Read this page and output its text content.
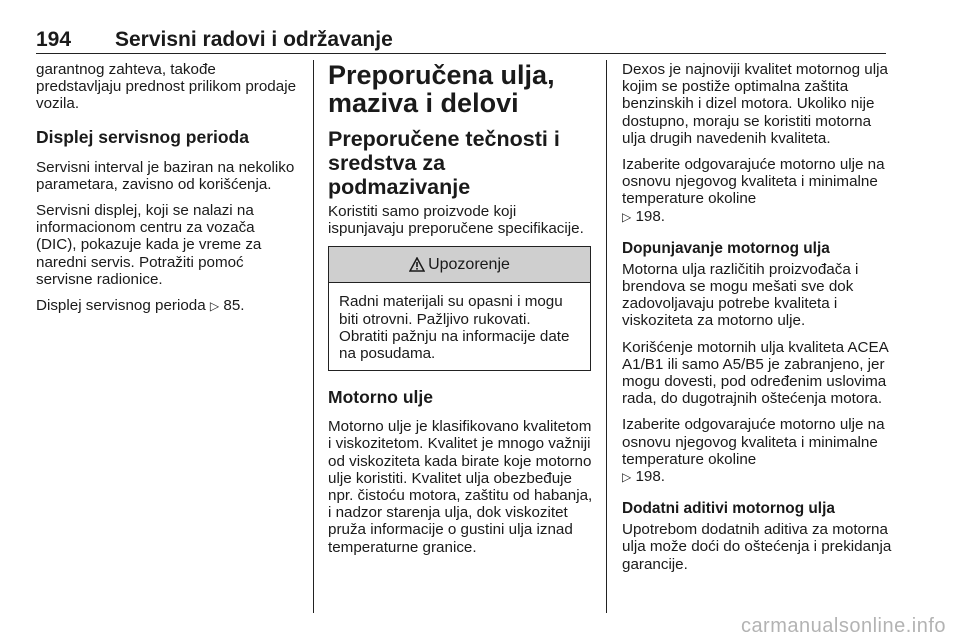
194 Servisni radovi i održavanje

garantnog zahteva, takođe predstavljaju prednost prilikom prodaje vozila.

Displej servisnog perioda

Servisni interval je baziran na nekoliko parametara, zavisno od korišćenja.

Servisni displej, koji se nalazi na informacionom centru za vozača (DIC), pokazuje kada je vreme za naredni servis. Potražiti pomoć servisne radionice.

Displej servisnog perioda ▷ 85.

Preporučena ulja, maziva i delovi
Preporučene tečnosti i sredstva za podmazivanje

Koristiti samo proizvode koji ispunjavaju preporučene specifikacije.

Upozorenje

Radni materijali su opasni i mogu biti otrovni. Pažljivo rukovati. Obratiti pažnju na informacije date na posudama.

Motorno ulje

Motorno ulje je klasifikovano kvalitetom i viskozitetom. Kvalitet je mnogo važniji od viskoziteta kada birate koje motorno ulje koristiti. Kvalitet ulja obezbeđuje npr. čistoću motora, zaštitu od habanja, i nadzor starenja ulja, dok viskozitet pruža informacije o gustini ulja iznad temperaturne granice.

Dexos je najnoviji kvalitet motornog ulja kojim se postiže optimalna zaštita benzinskih i dizel motora. Ukoliko nije dostupno, moraju se koristiti motorna ulja drugih navedenih kvaliteta.

Izaberite odgovarajuće motorno ulje na osnovu njegovog kvaliteta i minimalne temperature okoline
▷ 198.

Dopunjavanje motornog ulja

Motorna ulja različitih proizvođača i brendova se mogu mešati sve dok zadovoljavaju potrebe kvaliteta i viskoziteta za motorno ulje.

Korišćenje motornih ulja kvaliteta ACEA A1/B1 ili samo A5/B5 je zabranjeno, jer mogu dovesti, pod određenim uslovima rada, do dugotrajnih oštećenja motora.

Izaberite odgovarajuće motorno ulje na osnovu njegovog kvaliteta i minimalne temperature okoline
▷ 198.

Dodatni aditivi motornog ulja

Upotrebom dodatnih aditiva za motorna ulja može doći do oštećenja i prekidanja garancije.

carmanualsonline.info
